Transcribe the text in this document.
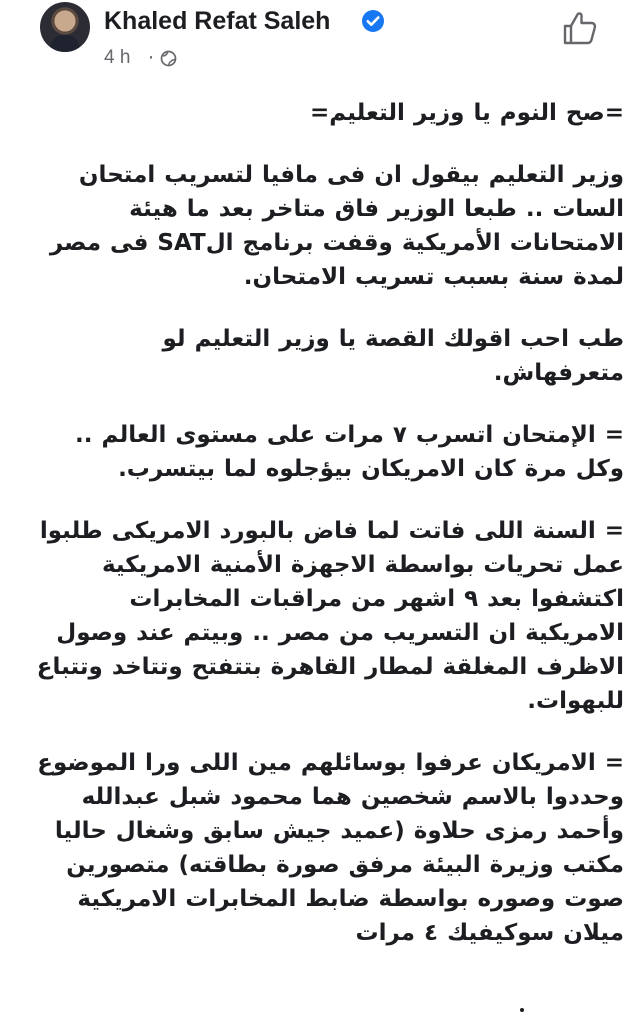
Khaled Refat Saleh
4 h ·

=صح النوم يا وزير التعليم=

وزير التعليم بيقول ان فى مافيا لتسريب امتحان السات .. طبعا الوزير فاق متاخر بعد ما هيئة الامتحانات الأمريكية وقفت برنامج الSAT فى مصر لمدة سنة بسبب تسريب الامتحان.

طب احب اقولك القصة يا وزير التعليم لو متعرفهاش.

= الإمتحان اتسرب ٧ مرات على مستوى العالم .. وكل مرة كان الامريكان بيؤجلوه لما بيتسرب.

= السنة اللى فاتت لما فاض بالبورد الامريكى طلبوا عمل تحريات بواسطة الاجهزة الأمنية الامريكية اكتشفوا بعد ٩ اشهر من مراقبات المخابرات الامريكية ان التسريب من مصر .. وبيتم عند وصول الاظرف المغلقة لمطار القاهرة بتتفتح وتتاخد وتتباع للبهوات.

= الامريكان عرفوا بوسائلهم مين اللى ورا الموضوع وحددوا بالاسم شخصين هما محمود شبل عبدالله وأحمد رمزى حلاوة (عميد جيش سابق وشغال حاليا مكتب وزيرة البيئة مرفق صورة بطاقته) متصورين صوت وصوره بواسطة ضابط المخابرات الامريكية ميلان سوكيفيك ٤ مرات
